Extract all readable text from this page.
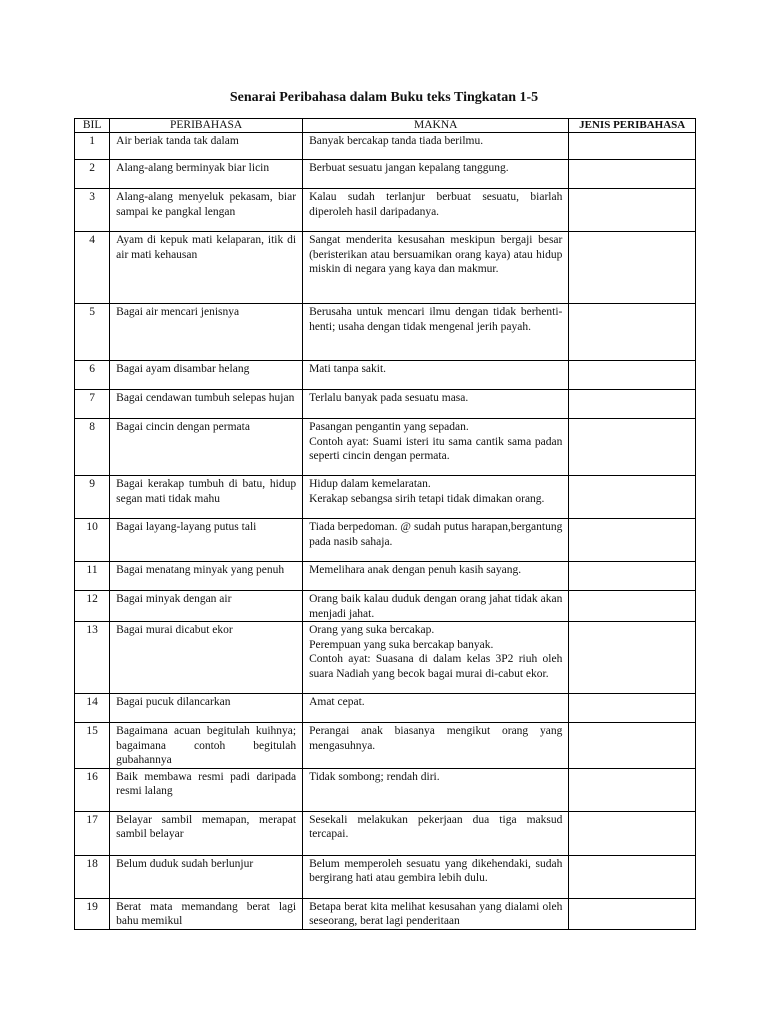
Senarai Peribahasa dalam Buku teks Tingkatan 1-5
BIL	PERIBAHASA	MAKNA	JENIS PERIBAHASA
1	Air beriak tanda tak dalam	Banyak bercakap tanda tiada berilmu.	

2	Alang-alang berminyak biar licin	Berbuat sesuatu jangan kepalang tanggung.	

3	Alang-alang menyeluk pekasam, biar sampai ke pangkal lengan	Kalau sudah terlanjur berbuat sesuatu, biarlah diperoleh hasil daripadanya.	

4	Ayam di kepuk mati kelaparan, itik di air mati kehausan	Sangat menderita kesusahan meskipun bergaji besar (beristerikan atau bersuamikan orang kaya) atau hidup miskin di negara yang kaya dan makmur.	

5	Bagai air mencari jenisnya	Berusaha untuk mencari ilmu dengan tidak berhenti-henti; usaha dengan tidak mengenal jerih payah.	

6	Bagai ayam disambar helang	Mati tanpa sakit.	

7	Bagai cendawan tumbuh selepas hujan	Terlalu banyak pada sesuatu masa.	

8	Bagai cincin dengan permata	Pasangan pengantin yang sepadan.
Contoh ayat: Suami isteri itu sama cantik sama padan seperti cincin dengan permata.	

9	Bagai kerakap tumbuh di batu, hidup segan mati tidak mahu	Hidup dalam kemelaratan.
Kerakap sebangsa sirih tetapi tidak dimakan orang.	

10	Bagai layang-layang putus tali	Tiada berpedoman. @ sudah putus harapan,bergantung pada nasib sahaja.	

11	Bagai menatang minyak yang penuh	Memelihara anak dengan penuh kasih sayang.	

12	Bagai minyak dengan air	Orang baik kalau duduk dengan orang jahat tidak akan menjadi jahat.	

13	Bagai murai dicabut ekor	Orang yang suka bercakap.
Perempuan yang suka bercakap banyak.
Contoh ayat: Suasana di dalam kelas 3P2 riuh oleh suara Nadiah yang becok bagai murai di-cabut ekor.	

14	Bagai pucuk dilancarkan	Amat cepat.	

15	Bagaimana acuan begitulah kuihnya; bagaimana contoh begitulah gubahannya	Perangai anak biasanya mengikut orang yang mengasuhnya.	

16	Baik membawa resmi padi daripada resmi lalang	Tidak sombong; rendah diri.	

17	Belayar sambil memapan, merapat sambil belayar	Sesekali melakukan pekerjaan dua tiga maksud tercapai.	

18	Belum duduk sudah berlunjur	Belum memperoleh sesuatu yang dikehendaki, sudah bergirang hati atau gembira lebih dulu.	

19	Berat mata memandang berat lagi bahu memikul	Betapa berat kita melihat kesusahan yang dialami oleh seseorang, berat lagi penderitaan	
